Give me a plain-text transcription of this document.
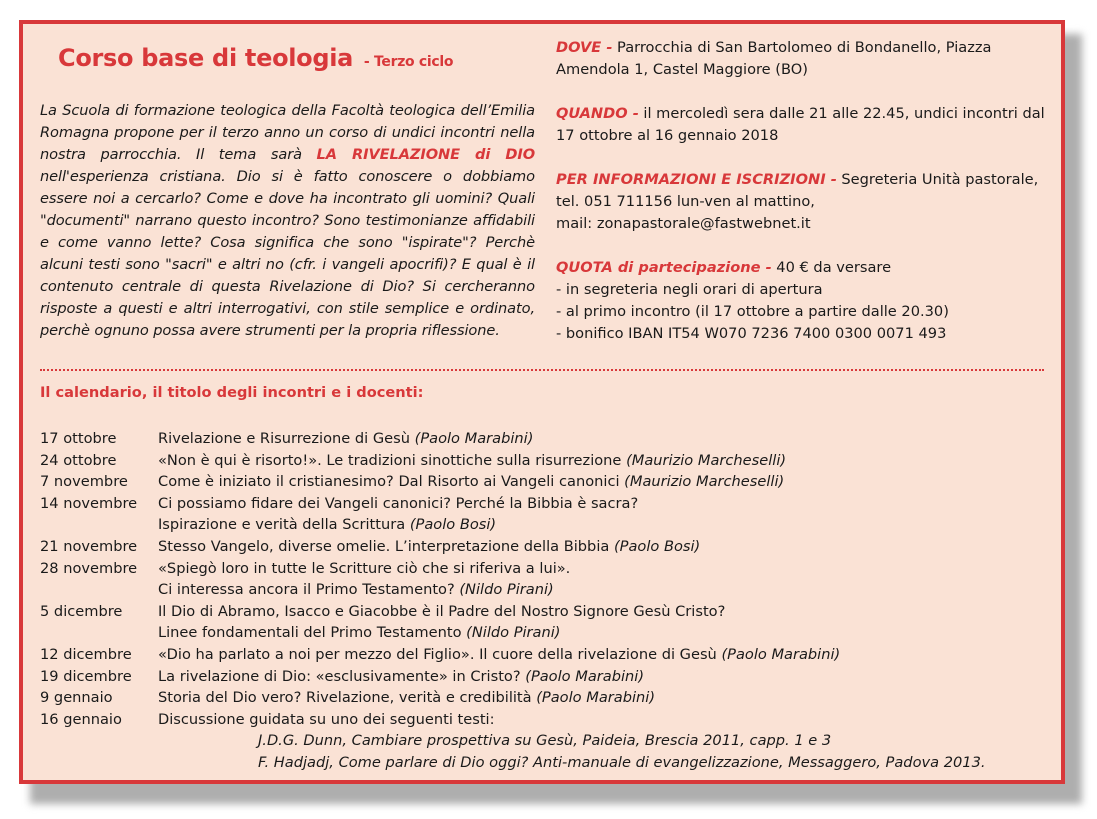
Corso base di teologia - Terzo ciclo

La Scuola di formazione teologica della Facoltà teologica dell’Emilia Romagna propone per il terzo anno un corso di undici incontri nella nostra parrocchia. Il tema sarà LA RIVELAZIONE di DIO nell'esperienza cristiana. Dio si è fatto conoscere o dobbiamo essere noi a cercarlo? Come e dove ha incontrato gli uomini? Quali "documenti" narrano questo incontro? Sono testimonianze affidabili e come vanno lette? Cosa significa che sono "ispirate"? Perchè alcuni testi sono "sacri" e altri no (cfr. i vangeli apocrifi)? E qual è il contenuto centrale di questa Rivelazione di Dio? Si cercheranno risposte a questi e altri interrogativi, con stile semplice e ordinato, perchè ognuno possa avere strumenti per la propria riflessione.

DOVE - Parrocchia di San Bartolomeo di Bondanello, Piazza Amendola 1, Castel Maggiore (BO)

QUANDO - il mercoledì sera dalle 21 alle 22.45, undici incontri dal 17 ottobre al 16 gennaio 2018

PER INFORMAZIONI E ISCRIZIONI - Segreteria Unità pastorale,

tel. 051 711156 lun-ven al mattino,
mail: zonapastorale@fastwebnet.it

QUOTA di partecipazione - 40 € da versare

- in segreteria negli orari di apertura
- al primo incontro (il 17 ottobre a partire dalle 20.30)
- bonifico IBAN IT54 W070 7236 7400 0300 0071 493
Il calendario, il titolo degli incontri e i docenti:
17 ottobre	Rivelazione e Risurrezione di Gesù (Paolo Marabini)
24 ottobre	«Non è qui è risorto!». Le tradizioni sinottiche sulla risurrezione (Maurizio Marcheselli)
7 novembre	Come è iniziato il cristianesimo? Dal Risorto ai Vangeli canonici (Maurizio Marcheselli)
14 novembre	Ci possiamo fidare dei Vangeli canonici? Perché la Bibbia è sacra?
Ispirazione e verità della Scrittura (Paolo Bosi)
21 novembre	Stesso Vangelo, diverse omelie. L’interpretazione della Bibbia (Paolo Bosi)
28 novembre	«Spiegò loro in tutte le Scritture ciò che si riferiva a lui».
Ci interessa ancora il Primo Testamento? (Nildo Pirani)
5 dicembre	Il Dio di Abramo, Isacco e Giacobbe è il Padre del Nostro Signore Gesù Cristo?
Linee fondamentali del Primo Testamento (Nildo Pirani)
12 dicembre	«Dio ha parlato a noi per mezzo del Figlio». Il cuore della rivelazione di Gesù (Paolo Marabini)
19 dicembre	La rivelazione di Dio: «esclusivamente» in Cristo? (Paolo Marabini)
9 gennaio	Storia del Dio vero? Rivelazione, verità e credibilità (Paolo Marabini)
16 gennaio	Discussione guidata su uno dei seguenti testi:
J.D.G. Dunn, Cambiare prospettiva su Gesù, Paideia, Brescia 2011, capp. 1 e 3
F. Hadjadj, Come parlare di Dio oggi? Anti-manuale di evangelizzazione, Messaggero, Padova 2013.
